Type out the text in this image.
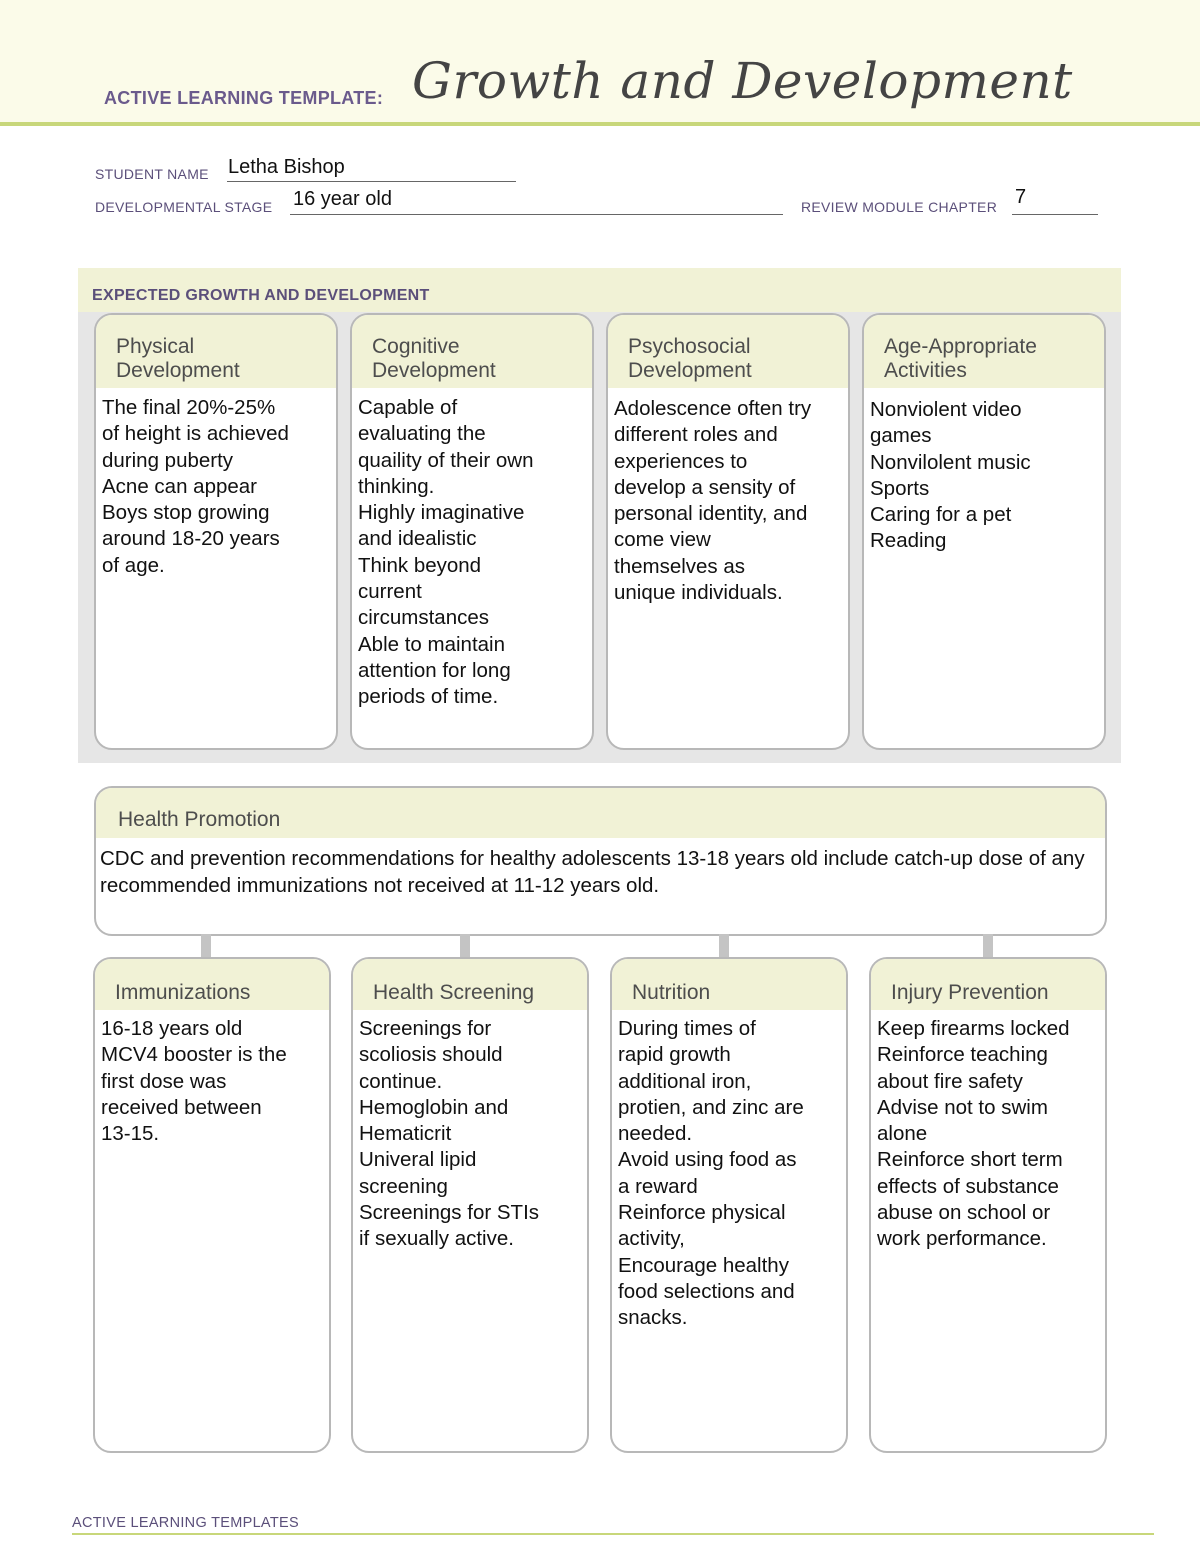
ACTIVE LEARNING TEMPLATE: Growth and Development
STUDENT NAME Letha Bishop
DEVELOPMENTAL STAGE 16 year old	REVIEW MODULE CHAPTER 7
EXPECTED GROWTH AND DEVELOPMENT
Physical
Development
The final 20%-25%
of height is achieved
during puberty
Acne can appear
Boys stop growing
around 18-20 years
of age.
Cognitive
Development
Capable of
evaluating the
quaility of their own
thinking.
Highly imaginative
and idealistic
Think beyond
current
circumstances
Able to maintain
attention for long
periods of time.
Psychosocial
Development
Adolescence often try
different roles and
experiences to
develop a sensity of
personal identity, and
come view
themselves as
unique individuals.
Age-Appropriate
Activities
Nonviolent video
games
Nonvilolent music
Sports
Caring for a pet
Reading
Health Promotion
CDC and prevention recommendations for healthy adolescents 13-18 years old include catch-up dose of any recommended immunizations not received at 11-12 years old.
Immunizations
16-18 years old
MCV4 booster is the
first dose was
received between
13-15.
Health Screening
Screenings for
scoliosis should
continue.
Hemoglobin and
Hematicrit
Univeral lipid
screening
Screenings for STIs
if sexually active.
Nutrition
During times of
rapid growth
additional iron,
protien, and zinc are
needed.
Avoid using food as
a reward
Reinforce physical
activity,
Encourage healthy
food selections and
snacks.
Injury Prevention
Keep firearms locked
Reinforce teaching
about fire safety
Advise not to swim
alone
Reinforce short term
effects of substance
abuse on school or
work performance.
ACTIVE LEARNING TEMPLATES
